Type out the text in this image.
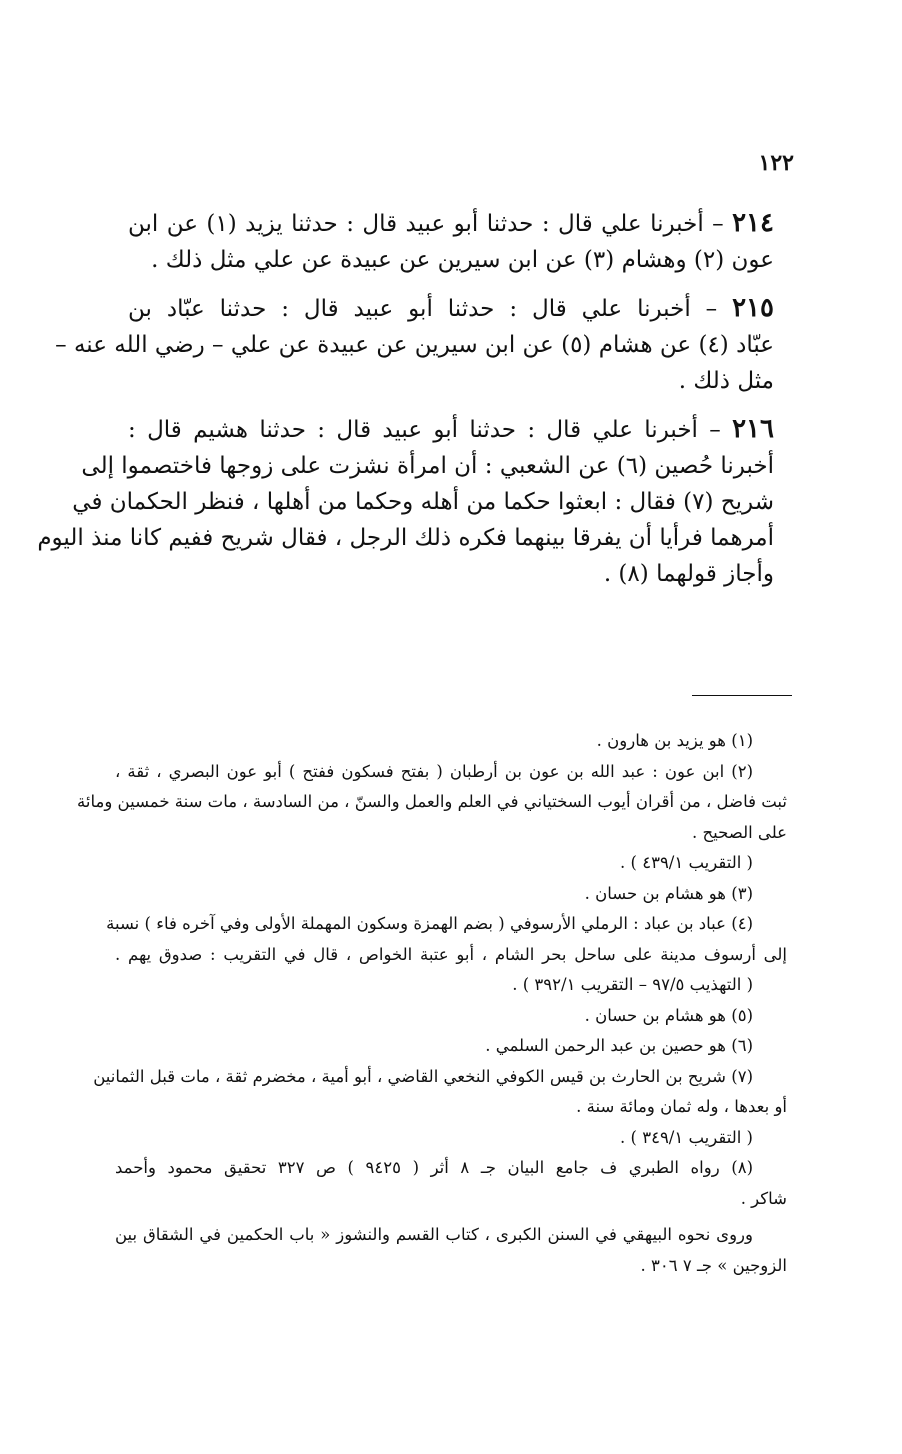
١٢٢
٢١٤ – أخبرنا علي قال : حدثنا أبو عبيد قال : حدثنا يزيد (١) عن ابن
عون (٢) وهشام (٣) عن ابن سيرين عن عبيدة عن علي مثل ذلك .
٢١٥ – أخبرنا علي قال : حدثنا أبو عبيد قال : حدثنا عبّاد بن
عبّاد (٤) عن هشام (٥) عن ابن سيرين عن عبيدة عن علي – رضي الله عنه –
مثل ذلك .
٢١٦ – أخبرنا علي قال : حدثنا أبو عبيد قال : حدثنا هشيم قال :
أخبرنا حُصين (٦) عن الشعبي : أن امرأة نشزت على زوجها فاختصموا إلى
شريح (٧) فقال : ابعثوا حكما من أهله وحكما من أهلها ، فنظر الحكمان في
أمرهما فرأيا أن يفرقا بينهما فكره ذلك الرجل ، فقال شريح ففيم كانا منذ اليوم
وأجاز قولهما (٨) .
(١) هو يزيد بن هارون .
(٢) ابن عون : عبد الله بن عون بن أرطبان ( بفتح فسكون ففتح ) أبو عون البصري ، ثقة ،
ثبت فاضل ، من أقران أيوب السختياني في العلم والعمل والسنّ ، من السادسة ، مات سنة خمسين ومائة
على الصحيح .
( التقريب ٤٣٩/١ ) .
(٣) هو هشام بن حسان .
(٤) عباد بن عباد : الرملي الأرسوفي ( بضم الهمزة وسكون المهملة الأولى وفي آخره فاء ) نسبة
إلى أرسوف مدينة على ساحل بحر الشام ، أبو عتبة الخواص ، قال في التقريب : صدوق يهم .
( التهذيب ٩٧/٥ – التقريب ٣٩٢/١ ) .
(٥) هو هشام بن حسان .
(٦) هو حصين بن عبد الرحمن السلمي .
(٧) شريح بن الحارث بن قيس الكوفي النخعي القاضي ، أبو أمية ، مخضرم ثقة ، مات قبل الثمانين
أو بعدها ، وله ثمان ومائة سنة .
( التقريب ٣٤٩/١ ) .
(٨) رواه الطبري ف جامع البيان جـ ٨ أثر ( ٩٤٢٥ ) ص ٣٢٧ تحقيق محمود وأحمد
شاكر .
وروى نحوه البيهقي في السنن الكبرى ، كتاب القسم والنشوز « باب الحكمين في الشقاق بين
الزوجين » جـ ٧ ٣٠٦ .
